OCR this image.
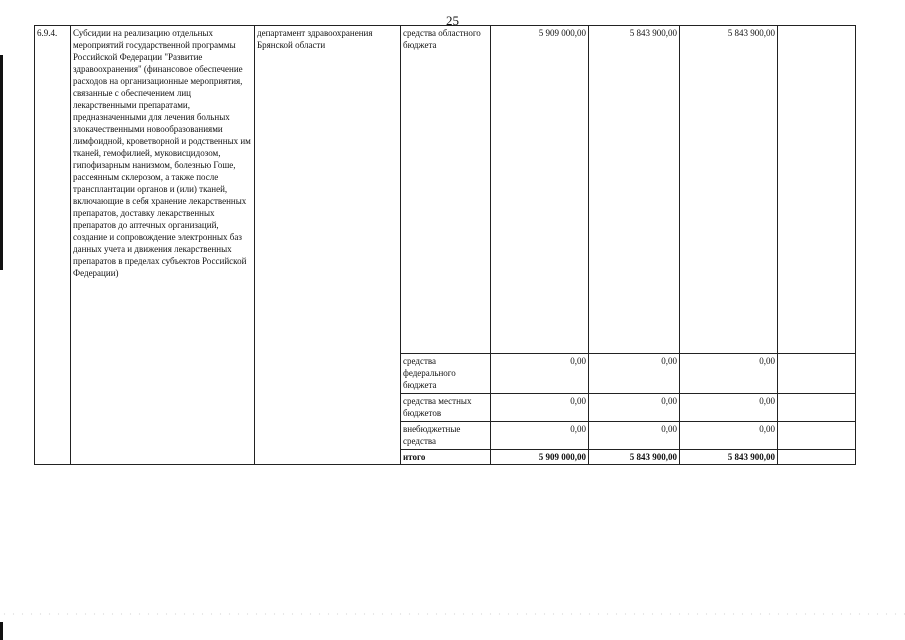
25
6.9.4.	Субсидии на реализацию отдельных мероприятий государственной программы Российской Федерации "Развитие здравоохранения" (финансовое обеспечение расходов на организационные мероприятия, связанные с обеспечением лиц лекарственными препаратами, предназначенными для лечения больных злокачественными новообразованиями лимфоидной, кроветворной и родственных им тканей, гемофилией, муковисцидозом, гипофизарным нанизмом, болезнью Гоше, рассеянным склерозом, а также после трансплантации органов и (или) тканей, включающие в себя хранение лекарственных препаратов, доставку лекарственных препаратов до аптечных организаций, создание и сопровождение электронных баз данных учета и движения лекарственных препаратов в пределах субъектов Российской Федерации)	департамент здравоохранения Брянской области	средства областного бюджета	5 909 000,00	5 843 900,00	5 843 900,00	
			средства федерального бюджета	0,00	0,00	0,00	
			средства местных бюджетов	0,00	0,00	0,00	
			внебюджетные средства	0,00	0,00	0,00	
			итого	5 909 000,00	5 843 900,00	5 843 900,00	
